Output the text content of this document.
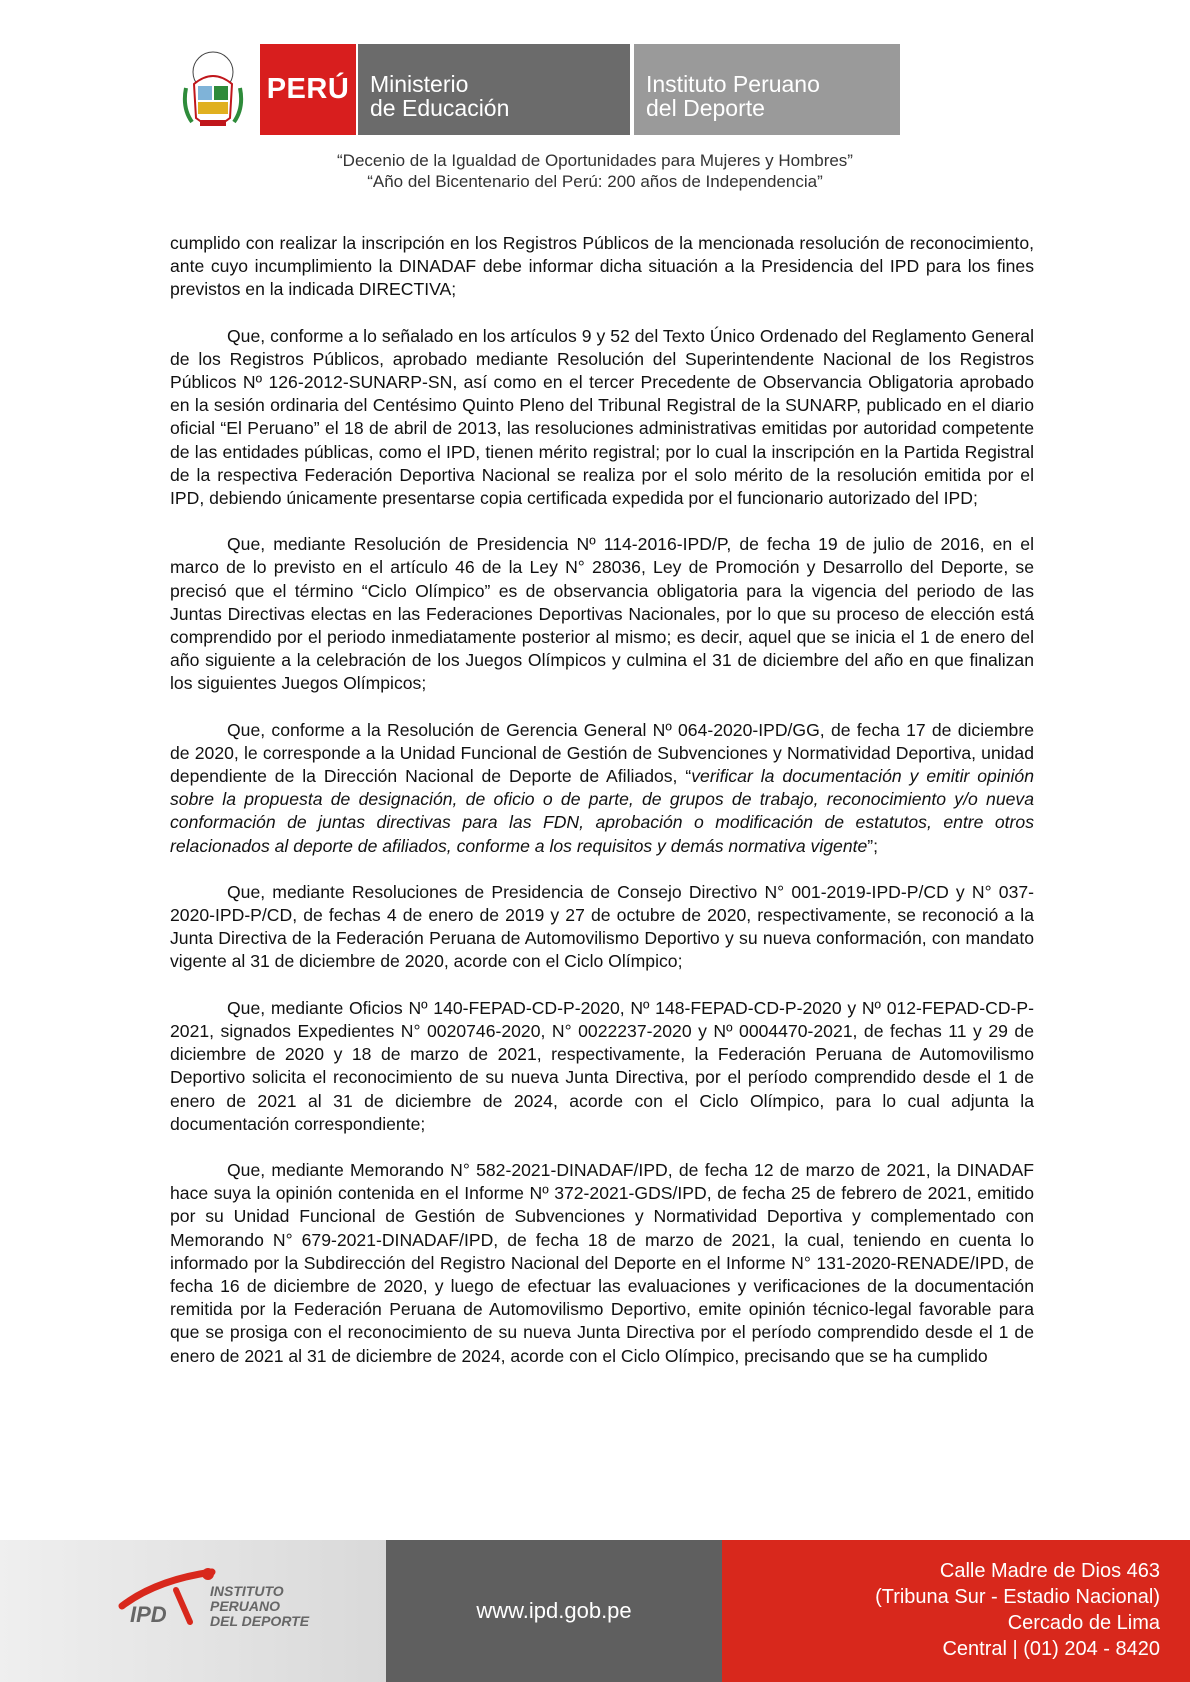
PERÚ Ministerio
de Educación
Instituto Peruano
del Deporte
“Decenio de la Igualdad de Oportunidades para Mujeres y Hombres”
“Año del Bicentenario del Perú: 200 años de Independencia”

cumplido con realizar la inscripción en los Registros Públicos de la mencionada resolución de reconocimiento, ante cuyo incumplimiento la DINADAF debe informar dicha situación a la Presidencia del IPD para los fines previstos en la indicada DIRECTIVA;

Que, conforme a lo señalado en los artículos 9 y 52 del Texto Único Ordenado del Reglamento General de los Registros Públicos, aprobado mediante Resolución del Superintendente Nacional de los Registros Públicos Nº 126-2012-SUNARP-SN, así como en el tercer Precedente de Observancia Obligatoria aprobado en la sesión ordinaria del Centésimo Quinto Pleno del Tribunal Registral de la SUNARP, publicado en el diario oficial “El Peruano” el 18 de abril de 2013, las resoluciones administrativas emitidas por autoridad competente de las entidades públicas, como el IPD, tienen mérito registral; por lo cual la inscripción en la Partida Registral de la respectiva Federación Deportiva Nacional se realiza por el solo mérito de la resolución emitida por el IPD, debiendo únicamente presentarse copia certificada expedida por el funcionario autorizado del IPD;

Que, mediante Resolución de Presidencia Nº 114-2016-IPD/P, de fecha 19 de julio de 2016, en el marco de lo previsto en el artículo 46 de la Ley N° 28036, Ley de Promoción y Desarrollo del Deporte, se precisó que el término “Ciclo Olímpico” es de observancia obligatoria para la vigencia del periodo de las Juntas Directivas electas en las Federaciones Deportivas Nacionales, por lo que su proceso de elección está comprendido por el periodo inmediatamente posterior al mismo; es decir, aquel que se inicia el 1 de enero del año siguiente a la celebración de los Juegos Olímpicos y culmina el 31 de diciembre del año en que finalizan los siguientes Juegos Olímpicos;

Que, conforme a la Resolución de Gerencia General Nº 064-2020-IPD/GG, de fecha 17 de diciembre de 2020, le corresponde a la Unidad Funcional de Gestión de Subvenciones y Normatividad Deportiva, unidad dependiente de la Dirección Nacional de Deporte de Afiliados, “verificar la documentación y emitir opinión sobre la propuesta de designación, de oficio o de parte, de grupos de trabajo, reconocimiento y/o nueva conformación de juntas directivas para las FDN, aprobación o modificación de estatutos, entre otros relacionados al deporte de afiliados, conforme a los requisitos y demás normativa vigente”;

Que, mediante Resoluciones de Presidencia de Consejo Directivo N° 001-2019-IPD-P/CD y N° 037-2020-IPD-P/CD, de fechas 4 de enero de 2019 y 27 de octubre de 2020, respectivamente, se reconoció a la Junta Directiva de la Federación Peruana de Automovilismo Deportivo y su nueva conformación, con mandato vigente al 31 de diciembre de 2020, acorde con el Ciclo Olímpico;

Que, mediante Oficios Nº 140-FEPAD-CD-P-2020, Nº 148-FEPAD-CD-P-2020 y Nº 012-FEPAD-CD-P-2021, signados Expedientes N° 0020746-2020, N° 0022237-2020 y Nº 0004470-2021, de fechas 11 y 29 de diciembre de 2020 y 18 de marzo de 2021, respectivamente, la Federación Peruana de Automovilismo Deportivo solicita el reconocimiento de su nueva Junta Directiva, por el período comprendido desde el 1 de enero de 2021 al 31 de diciembre de 2024, acorde con el Ciclo Olímpico, para lo cual adjunta la documentación correspondiente;

Que, mediante Memorando N° 582-2021-DINADAF/IPD, de fecha 12 de marzo de 2021, la DINADAF hace suya la opinión contenida en el Informe Nº 372-2021-GDS/IPD, de fecha 25 de febrero de 2021, emitido por su Unidad Funcional de Gestión de Subvenciones y Normatividad Deportiva y complementado con Memorando N° 679-2021-DINADAF/IPD, de fecha 18 de marzo de 2021, la cual, teniendo en cuenta lo informado por la Subdirección del Registro Nacional del Deporte en el Informe N° 131-2020-RENADE/IPD, de fecha 16 de diciembre de 2020, y luego de efectuar las evaluaciones y verificaciones de la documentación remitida por la Federación Peruana de Automovilismo Deportivo, emite opinión técnico-legal favorable para que se prosiga con el reconocimiento de su nueva Junta Directiva por el período comprendido desde el 1 de enero de 2021 al 31 de diciembre de 2024, acorde con el Ciclo Olímpico, precisando que se ha cumplido

IPD
INSTITUTO
PERUANO
DEL DEPORTE	www.ipd.gob.pe
Calle Madre de Dios 463
(Tribuna Sur - Estadio Nacional)
Cercado de Lima
Central | (01) 204 - 8420
